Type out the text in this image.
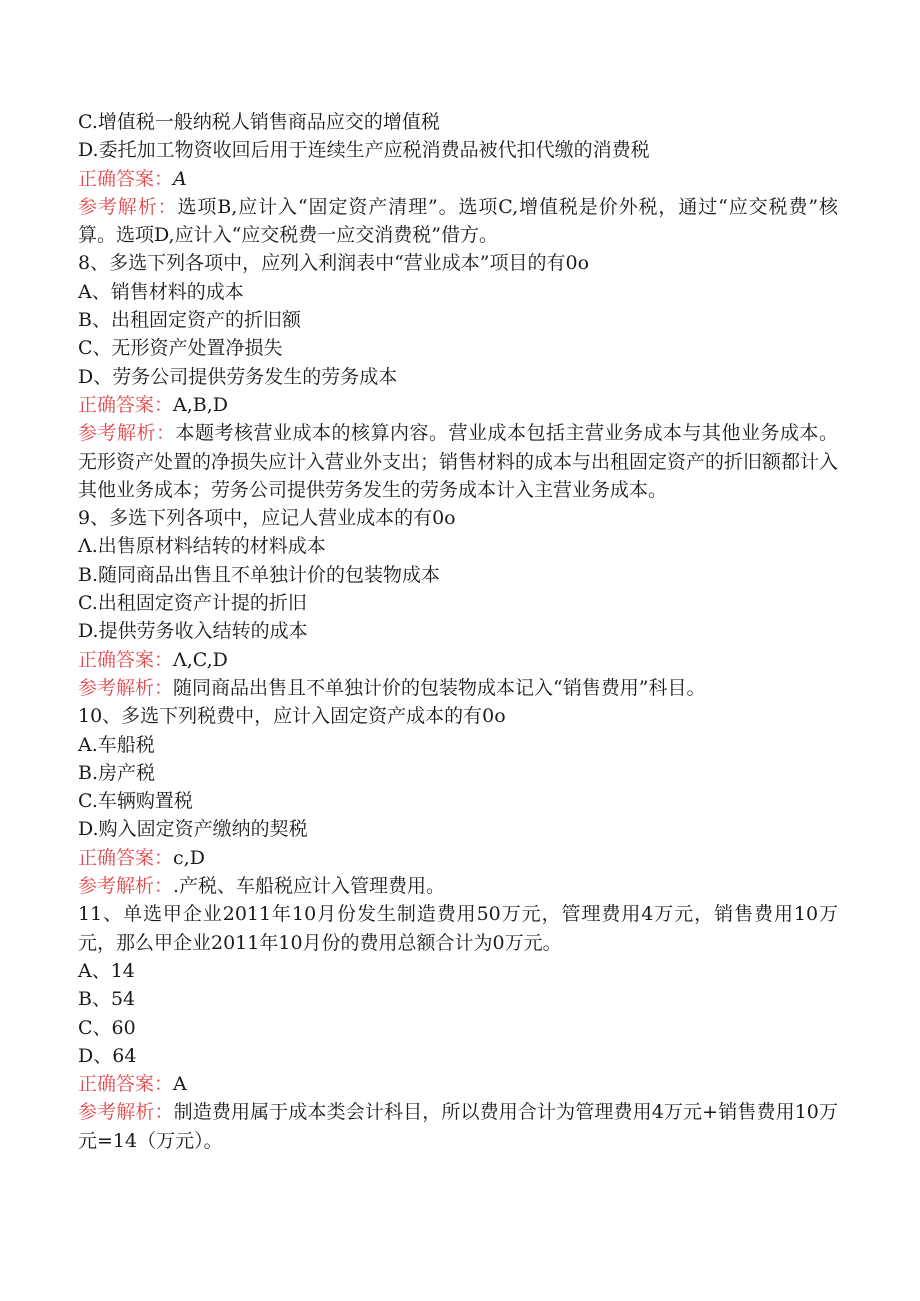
C.增值税一般纳税人销售商品应交的增值税
D.委托加工物资收回后用于连续生产应税消费品被代扣代缴的消费税
正确答案：A
参考解析：选项B,应计入“固定资产清理”。选项C,增值税是价外税，通过“应交税费”核算。选项D,应计入“应交税费一应交消费税”借方。
8、多选下列各项中，应列入利润表中“营业成本”项目的有0o
A、销售材料的成本
B、出租固定资产的折旧额
C、无形资产处置净损失
D、劳务公司提供劳务发生的劳务成本
正确答案：A,B,D
参考解析：本题考核营业成本的核算内容。营业成本包括主营业务成本与其他业务成本。无形资产处置的净损失应计入营业外支出；销售材料的成本与出租固定资产的折旧额都计入其他业务成本；劳务公司提供劳务发生的劳务成本计入主营业务成本。
9、多选下列各项中，应记人营业成本的有0o
Λ.出售原材料结转的材料成本
B.随同商品出售且不单独计价的包装物成本
C.出租固定资产计提的折旧
D.提供劳务收入结转的成本
正确答案：Λ,C,D
参考解析：随同商品出售且不单独计价的包装物成本记入“销售费用”科目。
10、多选下列税费中，应计入固定资产成本的有0o
A.车船税
B.房产税
C.车辆购置税
D.购入固定资产缴纳的契税
正确答案：c,D
参考解析：.产税、车船税应计入管理费用。
11、单选甲企业2011年10月份发生制造费用50万元，管理费用4万元，销售费用10万元，那么甲企业2011年10月份的费用总额合计为0万元。
A、14
B、54
C、60
D、64
正确答案：A
参考解析：制造费用属于成本类会计科目，所以费用合计为管理费用4万元+销售费用10万元=14（万元）。
